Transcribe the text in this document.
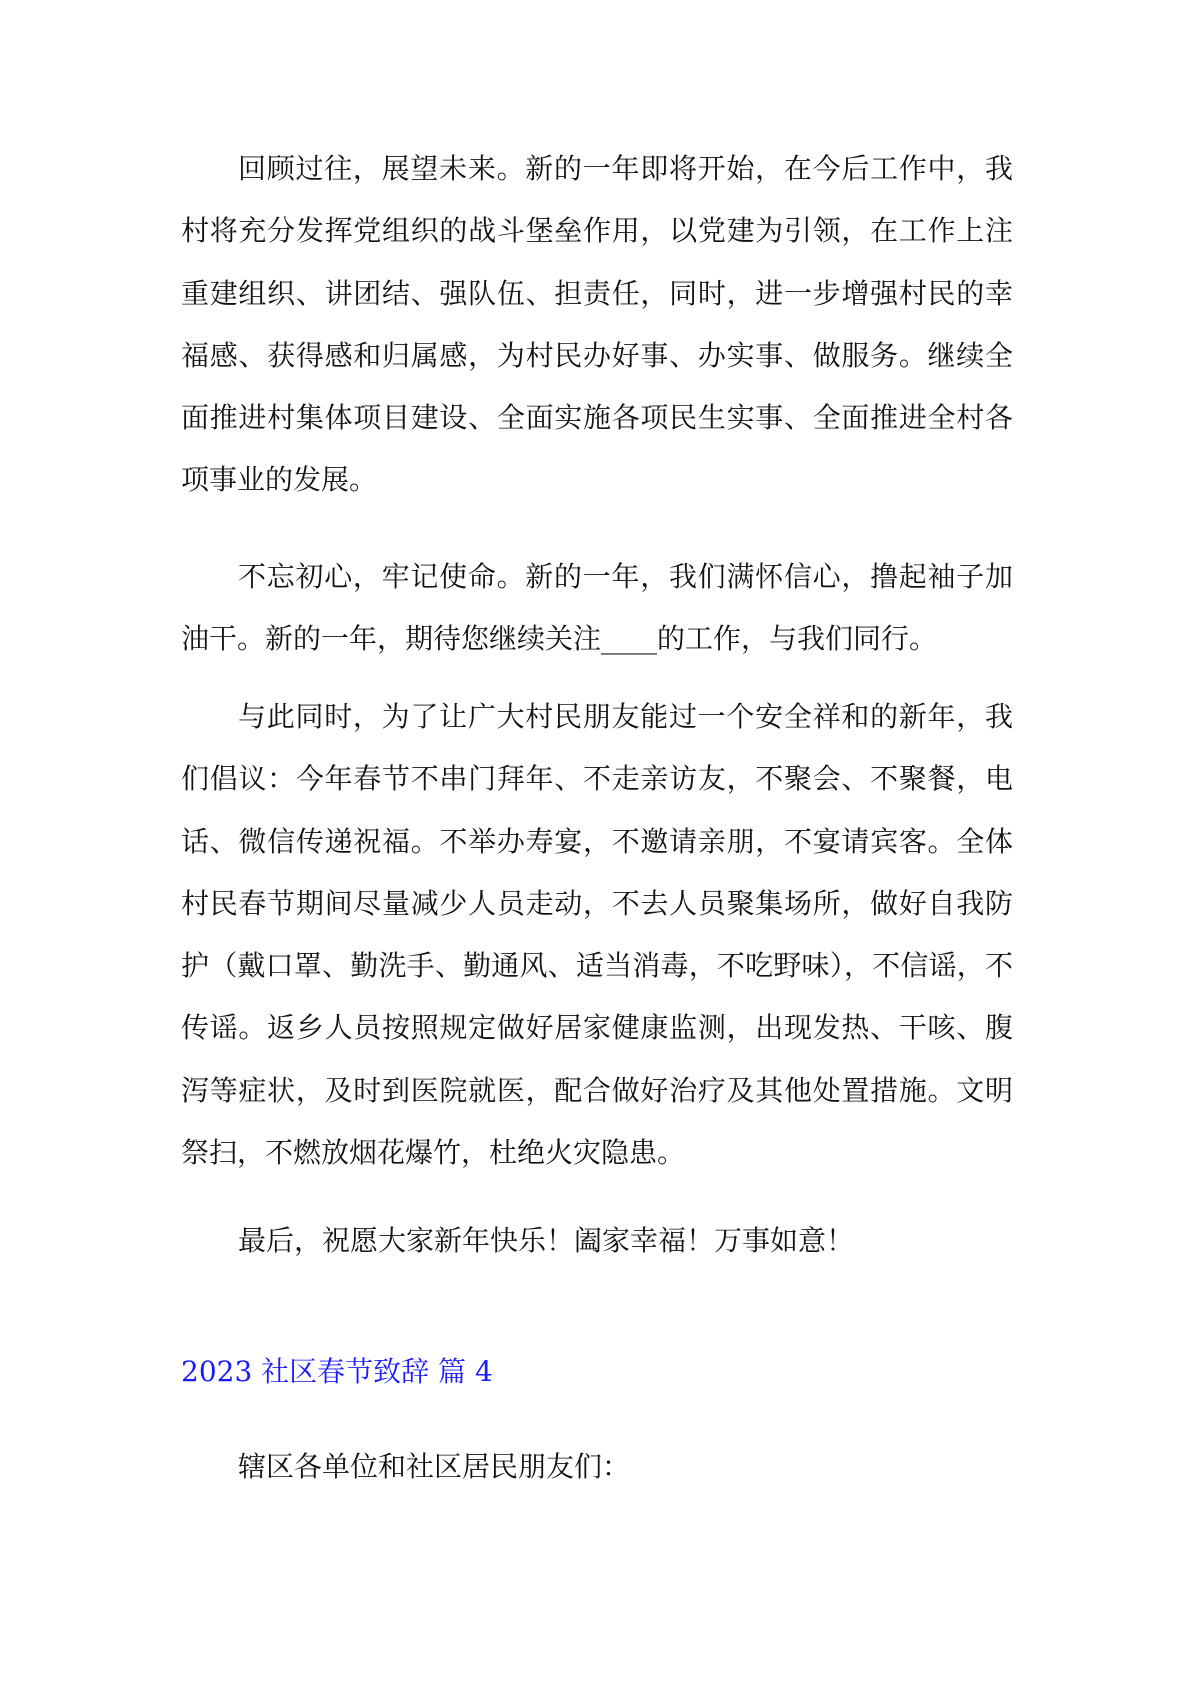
回顾过往，展望未来。新的一年即将开始，在今后工作中，我村将充分发挥党组织的战斗堡垒作用，以党建为引领，在工作上注重建组织、讲团结、强队伍、担责任，同时，进一步增强村民的幸福感、获得感和归属感，为村民办好事、办实事、做服务。继续全面推进村集体项目建设、全面实施各项民生实事、全面推进全村各项事业的发展。

不忘初心，牢记使命。新的一年，我们满怀信心，撸起袖子加油干。新的一年，期待您继续关注____的工作，与我们同行。

与此同时，为了让广大村民朋友能过一个安全祥和的新年，我们倡议：今年春节不串门拜年、不走亲访友，不聚会、不聚餐，电话、微信传递祝福。不举办寿宴，不邀请亲朋，不宴请宾客。全体村民春节期间尽量减少人员走动，不去人员聚集场所，做好自我防护（戴口罩、勤洗手、勤通风、适当消毒，不吃野味），不信谣，不传谣。返乡人员按照规定做好居家健康监测，出现发热、干咳、腹泻等症状，及时到医院就医，配合做好治疗及其他处置措施。文明祭扫，不燃放烟花爆竹，杜绝火灾隐患。

最后，祝愿大家新年快乐！阖家幸福！万事如意！

2023 社区春节致辞 篇 4

辖区各单位和社区居民朋友们：
